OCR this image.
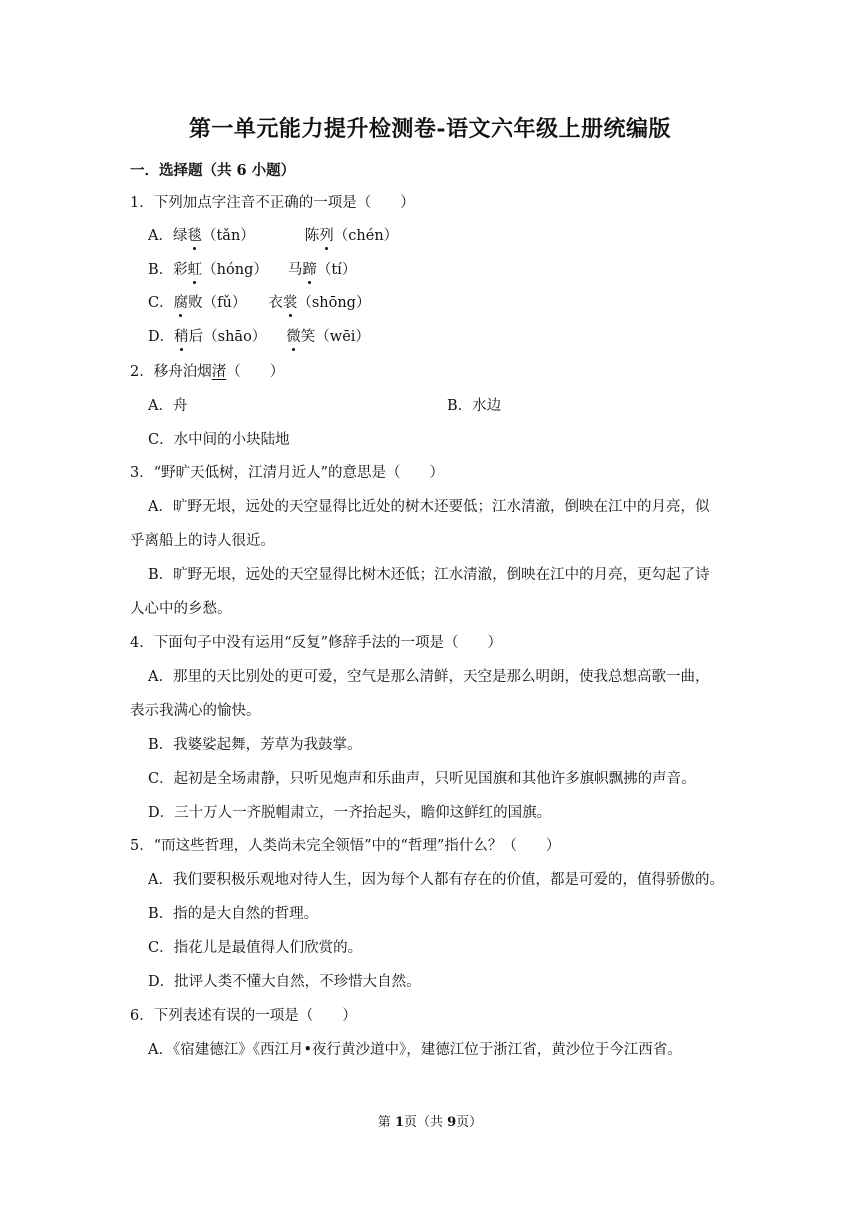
第一单元能力提升检测卷-语文六年级上册统编版
一．选择题（共 6 小题）
1．下列加点字注音不正确的一项是（　　）
A．绿毯（tǎn）	陈列（chén）
B．彩虹（hóng） 马蹄（tí）
C．腐败（fǔ） 衣裳（shōng）
D．稍后（shāo） 微笑（wēi）
2．移舟泊烟渚（　　）
A．舟	B．水边
C．水中间的小块陆地
3．“野旷天低树，江清月近人”的意思是（　　）
A．旷野无垠，远处的天空显得比近处的树木还要低；江水清澈，倒映在江中的月亮，似
乎离船上的诗人很近。
B．旷野无垠，远处的天空显得比树木还低；江水清澈，倒映在江中的月亮，更勾起了诗
人心中的乡愁。
4．下面句子中没有运用“反复”修辞手法的一项是（　　）
A．那里的天比别处的更可爱，空气是那么清鲜，天空是那么明朗，使我总想高歌一曲，
表示我满心的愉快。
B．我婆娑起舞，芳草为我鼓掌。
C．起初是全场肃静，只听见炮声和乐曲声，只听见国旗和其他许多旗帜飘拂的声音。
D．三十万人一齐脱帽肃立，一齐抬起头，瞻仰这鲜红的国旗。
5．“而这些哲理，人类尚未完全领悟”中的“哲理”指什么？（　　）
A．我们要积极乐观地对待人生，因为每个人都有存在的价值，都是可爱的，值得骄傲的。
B．指的是大自然的哲理。
C．指花儿是最值得人们欣赏的。
D．批评人类不懂大自然，不珍惜大自然。
6．下列表述有误的一项是（　　）
A．《宿建德江》《西江月•夜行黄沙道中》，建德江位于浙江省，黄沙位于今江西省。
第 1页（共 9页）
